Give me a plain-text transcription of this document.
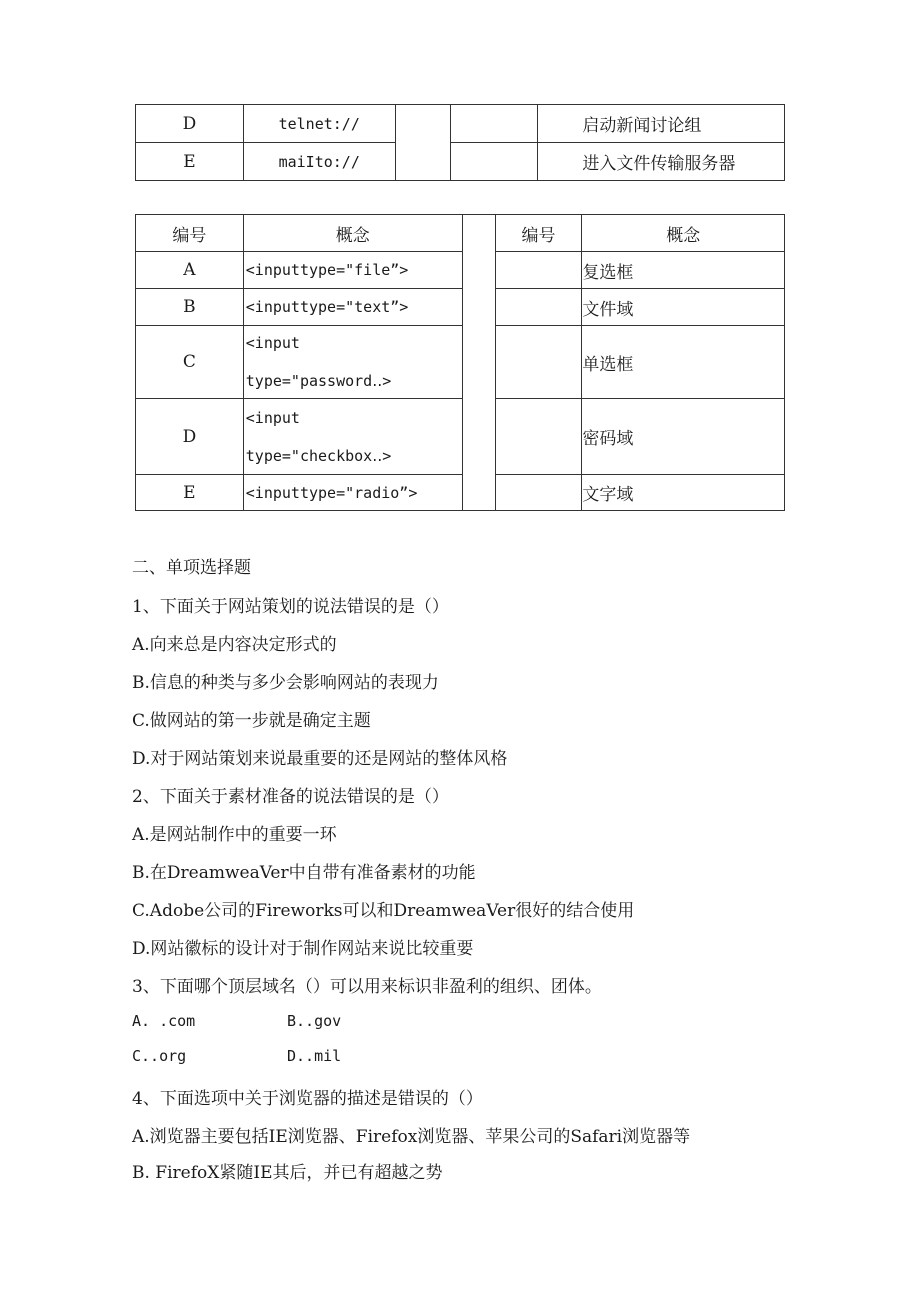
D	telnet://			启动新闻讨论组
E	maiIto://			进入文件传输服务器
编号	概念		编号	概念
A	<inputtype="file”>			复选框
B	<inputtype="text”>			文件域
C	<input
type="password‥>			单选框
D	<input
type="checkbox‥>			密码域
E	<inputtype="radio”>			文字域
二、单项选择题
1、下面关于网站策划的说法错误的是（）
A.向来总是内容决定形式的
B.信息的种类与多少会影响网站的表现力
C.做网站的第一步就是确定主题
D.对于网站策划来说最重要的还是网站的整体风格
2、下面关于素材准备的说法错误的是（）
A.是网站制作中的重要一环
B.在DreamweaVer中自带有准备素材的功能
C.Adobe公司的Fireworks可以和DreamweaVer很好的结合使用
D.网站徽标的设计对于制作网站来说比较重要
3、下面哪个顶层域名（）可以用来标识非盈利的组织、团体。
A. .com	B..gov
C..org	D..mil
4、下面选项中关于浏览器的描述是错误的（）
A.浏览器主要包括IE浏览器、Firefox浏览器、苹果公司的Safari浏览器等
B. FirefoX紧随IE其后，并已有超越之势
